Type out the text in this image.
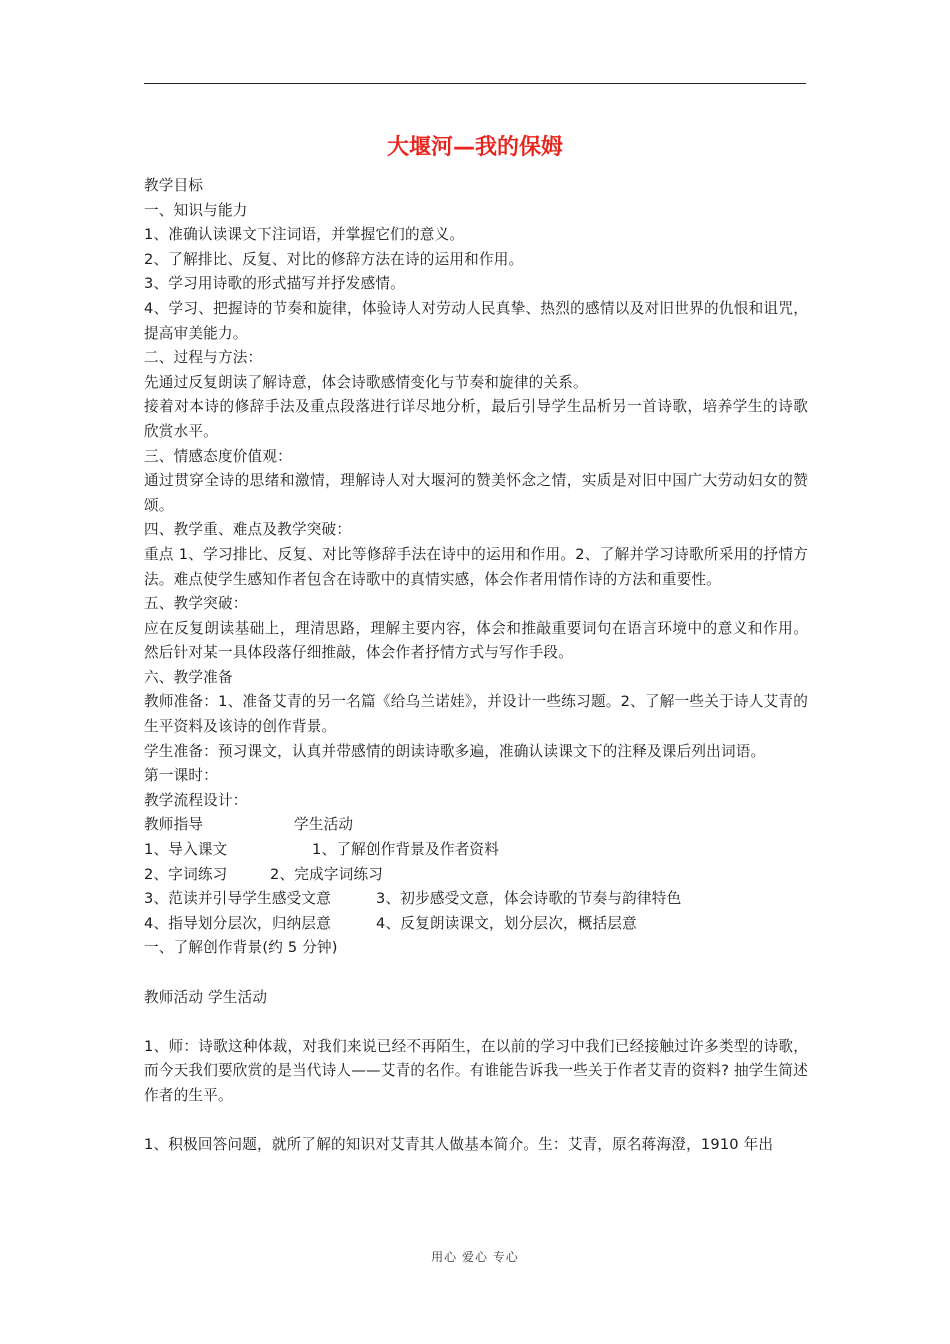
大堰河—我的保姆

教学目标

一、知识与能力

1、准确认读课文下注词语，并掌握它们的意义。

2、了解排比、反复、对比的修辞方法在诗的运用和作用。

3、学习用诗歌的形式描写并抒发感情。

4、学习、把握诗的节奏和旋律，体验诗人对劳动人民真挚、热烈的感情以及对旧世界的仇恨和诅咒，提高审美能力。

二、过程与方法：

先通过反复朗读了解诗意，体会诗歌感情变化与节奏和旋律的关系。

接着对本诗的修辞手法及重点段落进行详尽地分析，最后引导学生品析另一首诗歌，培养学生的诗歌欣赏水平。

三、情感态度价值观：

通过贯穿全诗的思绪和激情，理解诗人对大堰河的赞美怀念之情，实质是对旧中国广大劳动妇女的赞颂。

四、教学重、难点及教学突破：

重点 1、学习排比、反复、对比等修辞手法在诗中的运用和作用。2、了解并学习诗歌所采用的抒情方法。难点使学生感知作者包含在诗歌中的真情实感，体会作者用情作诗的方法和重要性。

五、教学突破：

应在反复朗读基础上，理清思路，理解主要内容，体会和推敲重要词句在语言环境中的意义和作用。然后针对某一具体段落仔细推敲，体会作者抒情方式与写作手段。

六、教学准备

教师准备：1、准备艾青的另一名篇《给乌兰诺娃》，并设计一些练习题。2、了解一些关于诗人艾青的生平资料及该诗的创作背景。

学生准备：预习课文，认真并带感情的朗读诗歌多遍，准确认读课文下的注释及课后列出词语。

第一课时：

教学流程设计：

教师指导	学生活动

1、导入课文	1、了解创作背景及作者资料

2、字词练习	2、完成字词练习

3、范读并引导学生感受文意	3、初步感受文意，体会诗歌的节奏与韵律特色

4、指导划分层次，归纳层意	4、反复朗读课文，划分层次，概括层意

一、了解创作背景(约 5 分钟)

教师活动 学生活动

1、师：诗歌这种体裁，对我们来说已经不再陌生，在以前的学习中我们已经接触过许多类型的诗歌，而今天我们要欣赏的是当代诗人——艾青的名作。有谁能告诉我一些关于作者艾青的资料? 抽学生简述作者的生平。

1、积极回答问题，就所了解的知识对艾青其人做基本简介。生：艾青，原名蒋海澄，1910 年出

用心 爱心 专心
